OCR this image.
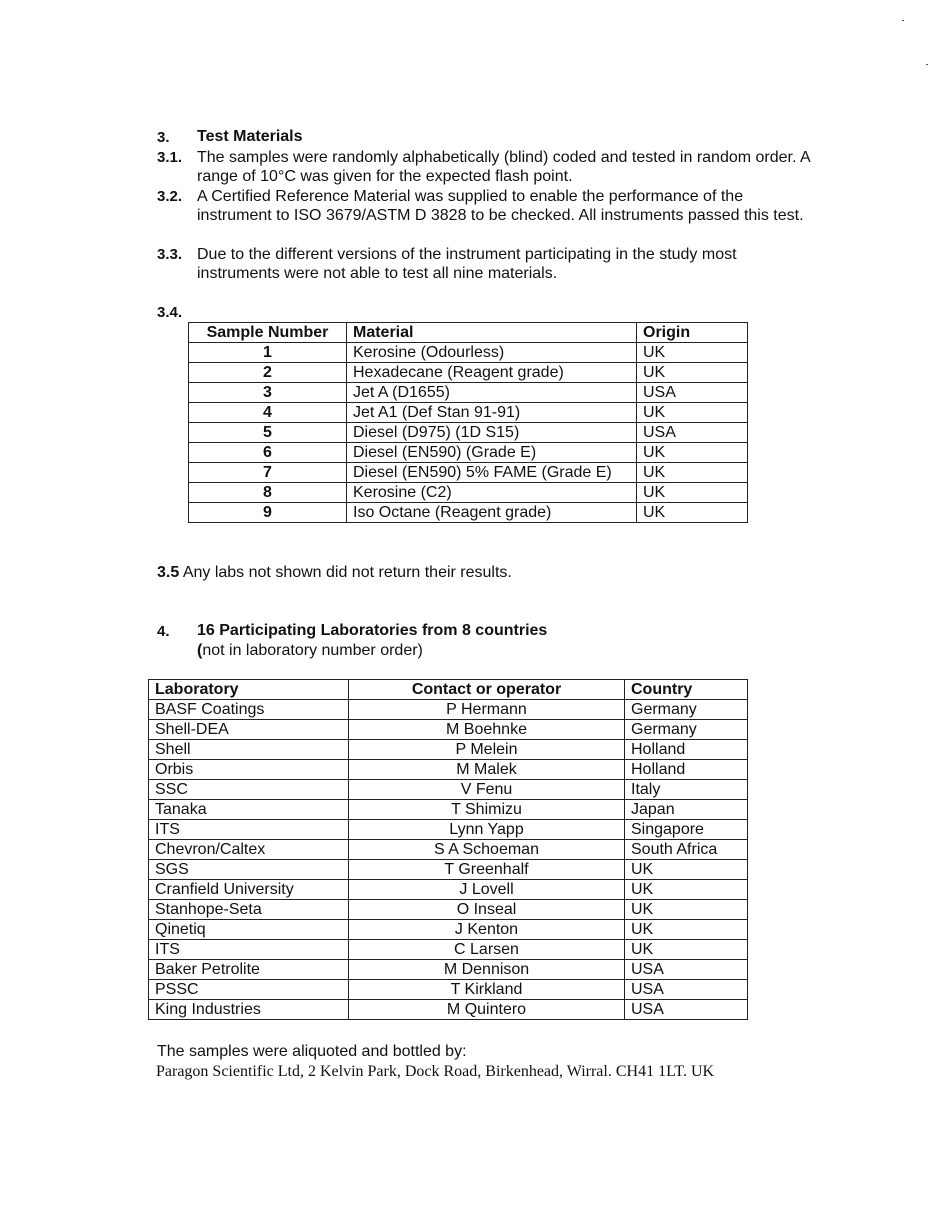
3. Test Materials
3.1. The samples were randomly alphabetically (blind) coded and tested in random order. A range of 10°C was given for the expected flash point.
3.2. A Certified Reference Material was supplied to enable the performance of the instrument to ISO 3679/ASTM D 3828 to be checked. All instruments passed this test.
3.3. Due to the different versions of the instrument participating in the study most instruments were not able to test all nine materials.
3.4.
Sample Number	Material	Origin
1	Kerosine (Odourless)	UK
2	Hexadecane (Reagent grade)	UK
3	Jet A (D1655)	USA
4	Jet A1 (Def Stan 91-91)	UK
5	Diesel (D975) (1D S15)	USA
6	Diesel (EN590) (Grade E)	UK
7	Diesel (EN590) 5% FAME (Grade E)	UK
8	Kerosine (C2)	UK
9	Iso Octane (Reagent grade)	UK
3.5 Any labs not shown did not return their results.
4. 16 Participating Laboratories from 8 countries
(not in laboratory number order)
Laboratory	Contact or operator	Country
BASF Coatings	P Hermann	Germany
Shell-DEA	M Boehnke	Germany
Shell	P Melein	Holland
Orbis	M Malek	Holland
SSC	V Fenu	Italy
Tanaka	T Shimizu	Japan
ITS	Lynn Yapp	Singapore
Chevron/Caltex	S A Schoeman	South Africa
SGS	T Greenhalf	UK
Cranfield University	J Lovell	UK
Stanhope-Seta	O Inseal	UK
Qinetiq	J Kenton	UK
ITS	C Larsen	UK
Baker Petrolite	M Dennison	USA
PSSC	T Kirkland	USA
King Industries	M Quintero	USA
The samples were aliquoted and bottled by:
Paragon Scientific Ltd, 2 Kelvin Park, Dock Road, Birkenhead, Wirral. CH41 1LT. UK
